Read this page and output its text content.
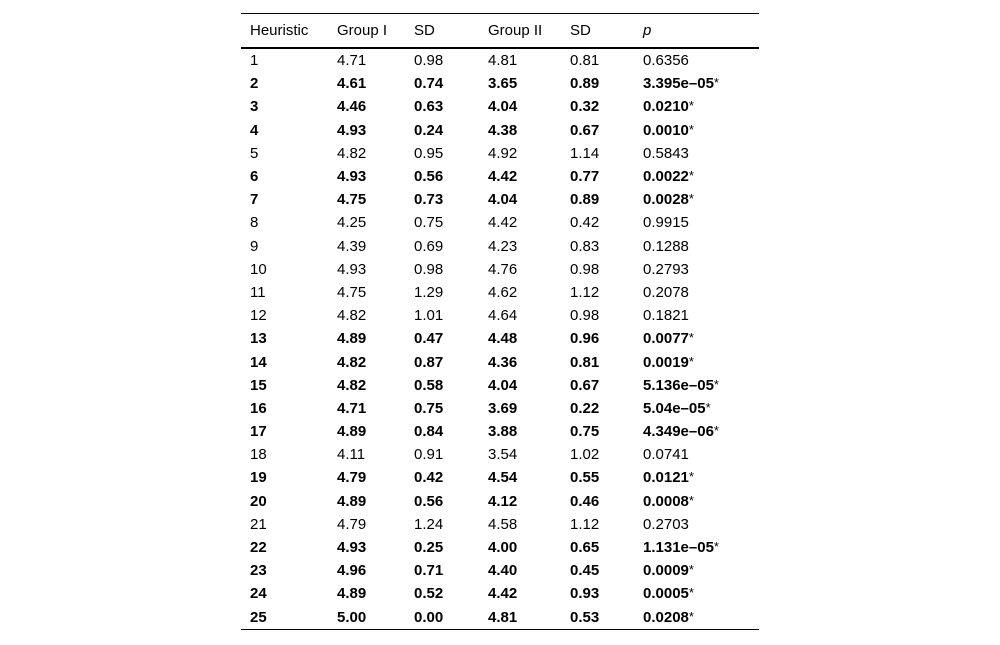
Heuristic	Group I	SD	Group II	SD	p
1	4.71	0.98	4.81	0.81	0.6356
2	4.61	0.74	3.65	0.89	3.395e–05*
3	4.46	0.63	4.04	0.32	0.0210*
4	4.93	0.24	4.38	0.67	0.0010*
5	4.82	0.95	4.92	1.14	0.5843
6	4.93	0.56	4.42	0.77	0.0022*
7	4.75	0.73	4.04	0.89	0.0028*
8	4.25	0.75	4.42	0.42	0.9915
9	4.39	0.69	4.23	0.83	0.1288
10	4.93	0.98	4.76	0.98	0.2793
11	4.75	1.29	4.62	1.12	0.2078
12	4.82	1.01	4.64	0.98	0.1821
13	4.89	0.47	4.48	0.96	0.0077*
14	4.82	0.87	4.36	0.81	0.0019*
15	4.82	0.58	4.04	0.67	5.136e–05*
16	4.71	0.75	3.69	0.22	5.04e–05*
17	4.89	0.84	3.88	0.75	4.349e–06*
18	4.11	0.91	3.54	1.02	0.0741
19	4.79	0.42	4.54	0.55	0.0121*
20	4.89	0.56	4.12	0.46	0.0008*
21	4.79	1.24	4.58	1.12	0.2703
22	4.93	0.25	4.00	0.65	1.131e–05*
23	4.96	0.71	4.40	0.45	0.0009*
24	4.89	0.52	4.42	0.93	0.0005*
25	5.00	0.00	4.81	0.53	0.0208*
